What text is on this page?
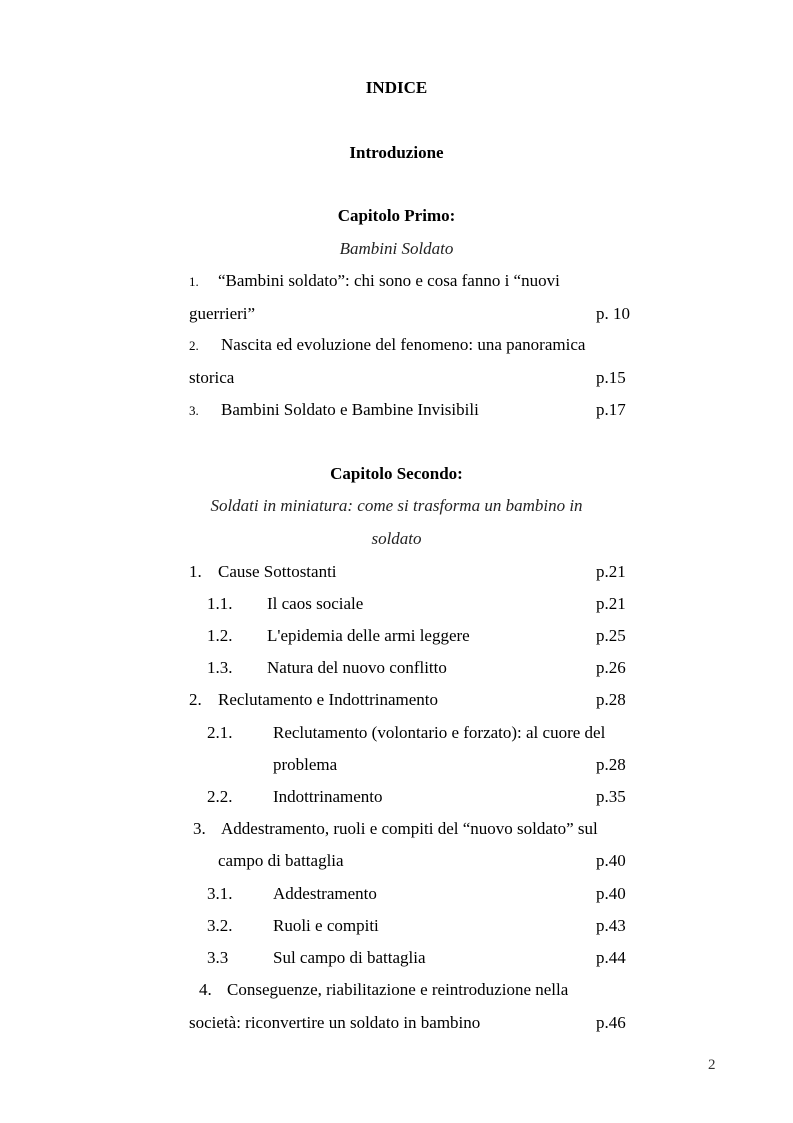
INDICE
Introduzione
Capitolo Primo:
Bambini Soldato
1. “Bambini soldato”: chi sono e cosa fanno i “nuovi
guerrieri”	p. 10
2. Nascita ed evoluzione del fenomeno: una panoramica
storica	p.15
3. Bambini Soldato e Bambine Invisibili	p.17
Capitolo Secondo:
Soldati in miniatura: come si trasforma un bambino in
soldato
1. Cause Sottostanti	p.21
1.1. Il caos sociale	p.21
1.2. L'epidemia delle armi leggere	p.25
1.3. Natura del nuovo conflitto	p.26
2. Reclutamento e Indottrinamento	p.28
2.1. Reclutamento (volontario e forzato): al cuore del
problema	p.28
2.2. Indottrinamento	p.35
3. Addestramento, ruoli e compiti del “nuovo soldato” sul
campo di battaglia	p.40
3.1. Addestramento	p.40
3.2. Ruoli e compiti	p.43
3.3	Sul campo di battaglia	p.44
4. Conseguenze, riabilitazione e reintroduzione nella
società: riconvertire un soldato in bambino	p.46
2
